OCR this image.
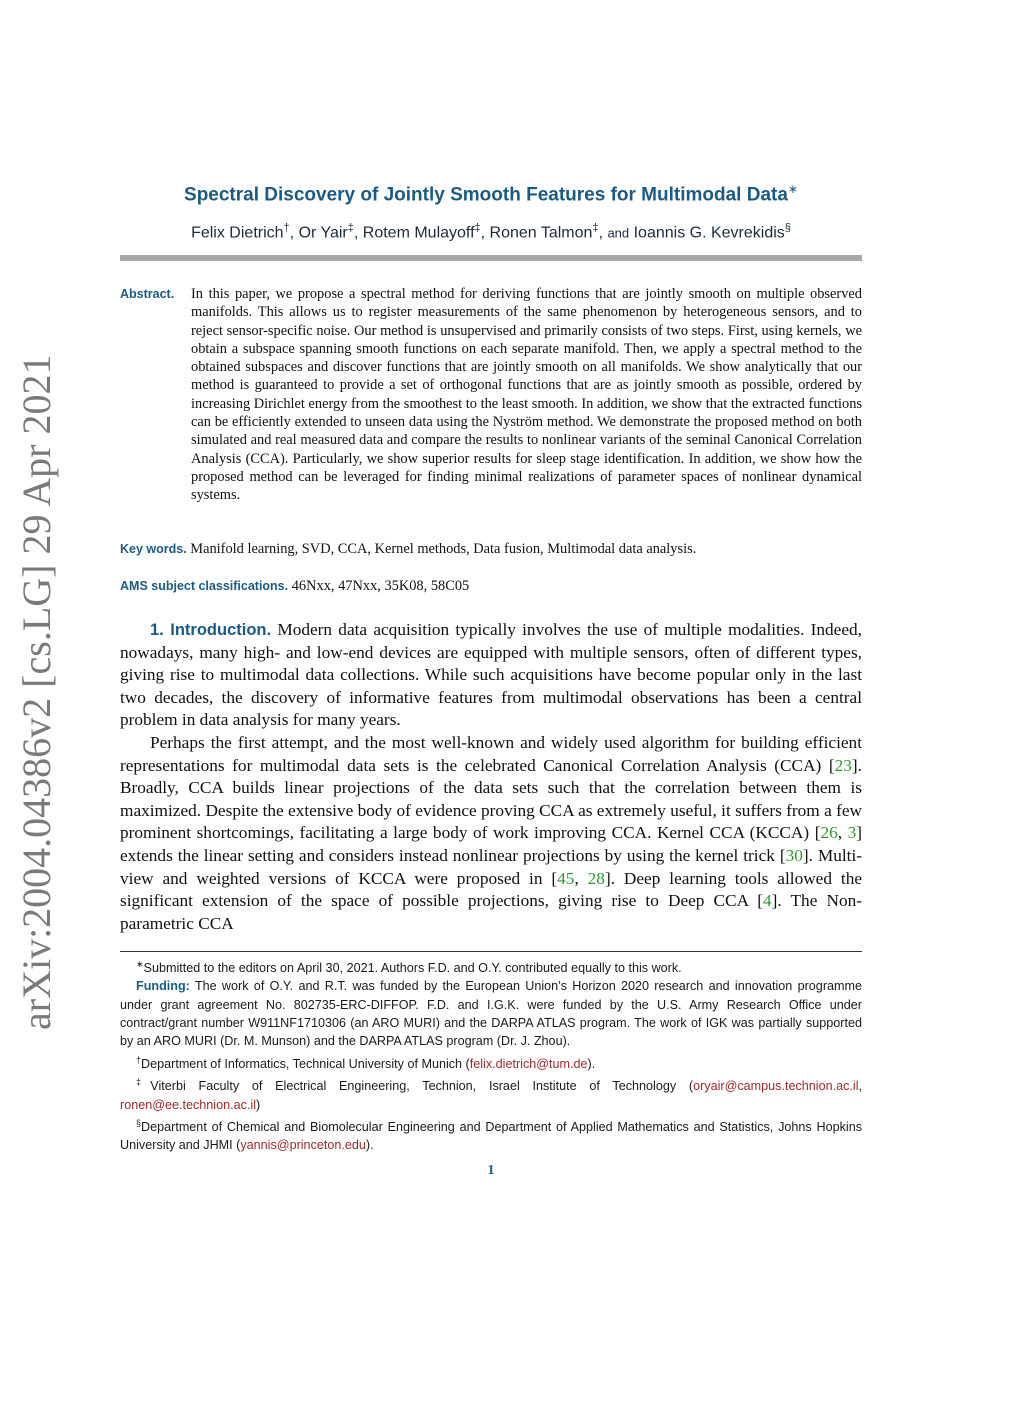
arXiv:2004.04386v2 [cs.LG] 29 Apr 2021
Spectral Discovery of Jointly Smooth Features for Multimodal Data∗
Felix Dietrich†, Or Yair‡, Rotem Mulayoff‡, Ronen Talmon‡, and Ioannis G. Kevrekidis§
Abstract. In this paper, we propose a spectral method for deriving functions that are jointly smooth on multiple observed manifolds. This allows us to register measurements of the same phenomenon by heterogeneous sensors, and to reject sensor-specific noise. Our method is unsupervised and primarily consists of two steps. First, using kernels, we obtain a subspace spanning smooth functions on each separate manifold. Then, we apply a spectral method to the obtained subspaces and discover functions that are jointly smooth on all manifolds. We show analytically that our method is guaranteed to provide a set of orthogonal functions that are as jointly smooth as possible, ordered by increasing Dirichlet energy from the smoothest to the least smooth. In addition, we show that the extracted functions can be efficiently extended to unseen data using the Nyström method. We demonstrate the proposed method on both simulated and real measured data and compare the results to nonlinear variants of the seminal Canonical Correlation Analysis (CCA). Particularly, we show superior results for sleep stage identification. In addition, we show how the proposed method can be leveraged for finding minimal realizations of parameter spaces of nonlinear dynamical systems.
Key words. Manifold learning, SVD, CCA, Kernel methods, Data fusion, Multimodal data analysis.
AMS subject classifications. 46Nxx, 47Nxx, 35K08, 58C05

1. Introduction. Modern data acquisition typically involves the use of multiple modalities. Indeed, nowadays, many high- and low-end devices are equipped with multiple sensors, often of different types, giving rise to multimodal data collections. While such acquisitions have become popular only in the last two decades, the discovery of informative features from multimodal observations has been a central problem in data analysis for many years.

Perhaps the first attempt, and the most well-known and widely used algorithm for building efficient representations for multimodal data sets is the celebrated Canonical Correlation Analysis (CCA) [23]. Broadly, CCA builds linear projections of the data sets such that the correlation between them is maximized. Despite the extensive body of evidence proving CCA as extremely useful, it suffers from a few prominent shortcomings, facilitating a large body of work improving CCA. Kernel CCA (KCCA) [26, 3] extends the linear setting and considers instead nonlinear projections by using the kernel trick [30]. Multi-view and weighted versions of KCCA were proposed in [45, 28]. Deep learning tools allowed the significant extension of the space of possible projections, giving rise to Deep CCA [4]. The Non-parametric CCA

∗Submitted to the editors on April 30, 2021. Authors F.D. and O.Y. contributed equally to this work.

Funding: The work of O.Y. and R.T. was funded by the European Union’s Horizon 2020 research and innovation programme under grant agreement No. 802735-ERC-DIFFOP. F.D. and I.G.K. were funded by the U.S. Army Research Office under contract/grant number W911NF1710306 (an ARO MURI) and the DARPA ATLAS program. The work of IGK was partially supported by an ARO MURI (Dr. M. Munson) and the DARPA ATLAS program (Dr. J. Zhou).

†Department of Informatics, Technical University of Munich (felix.dietrich@tum.de).

‡Viterbi Faculty of Electrical Engineering, Technion, Israel Institute of Technology (oryair@campus.technion.ac.il, ronen@ee.technion.ac.il)

§Department of Chemical and Biomolecular Engineering and Department of Applied Mathematics and Statistics, Johns Hopkins University and JHMI (yannis@princeton.edu).

1
